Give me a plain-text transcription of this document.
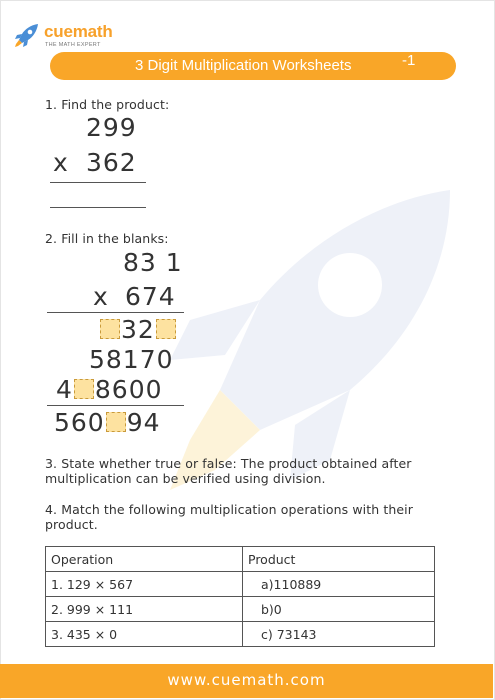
cuemath
THE MATH EXPERT
3 Digit Multiplication Worksheets	-1
1. Find the product:
299
x 362
2. Fill in the blanks:
83 1
x 674
32
58170
4 8600
560 94
3. State whether true or false: The product obtained after
multiplication can be verified using division.
4. Match the following multiplication operations with their
product.
Operation	Product
1. 129 × 567	a)110889
2. 999 × 111	b)0
3. 435 × 0	c) 73143
www.cuemath.com
